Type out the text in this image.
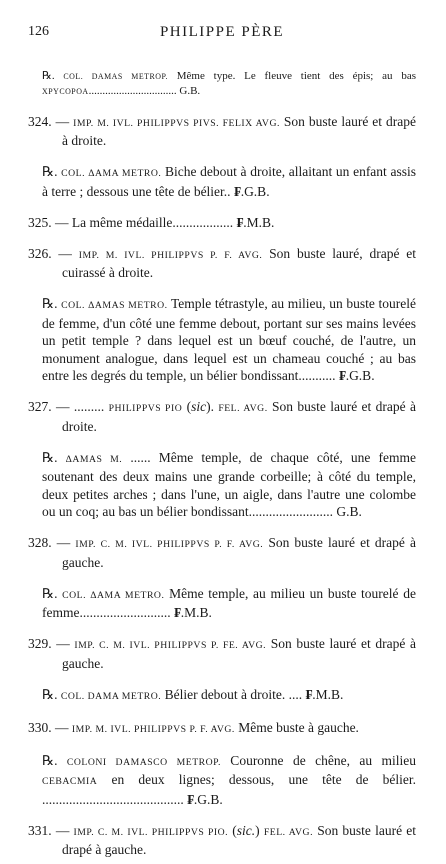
126	PHILIPPE PÈRE

℞. COL. DAMAS METROP. Même type. Le fleuve tient des épis; au bas XPYCOPOA................................ G.B.

324. — IMP. M. IVL. PHILIPPVS PIVS. FELIX AVG. Son buste lauré et drapé à droite.

℞. COL. ΔAMA METRO. Biche debout à droite, allaitant un enfant assis à terre ; dessous une tête de bélier.. ₣.G.B.

325. — La même médaille.................. ₣.M.B.

326. — IMP. M. IVL. PHILIPPVS P. F. AVG. Son buste lauré, drapé et cuirassé à droite.

℞. COL. ΔAMAS METRO. Temple tétrastyle, au milieu, un buste tourelé de femme, d'un côté une femme debout, portant sur ses mains levées un petit temple ? dans lequel est un bœuf couché, de l'autre, un monument analogue, dans lequel est un chameau couché ; au bas entre les degrés du temple, un bélier bondissant........... ₣.G.B.

327. — ......... PHILIPPVS PIO (sic). FEL. AVG. Son buste lauré et drapé à droite.

℞. ΔAMAS M. ...... Même temple, de chaque côté, une femme soutenant des deux mains une grande corbeille; à côté du temple, deux petites arches ; dans l'une, un aigle, dans l'autre une colombe ou un coq; au bas un bélier bondissant......................... G.B.

328. — IMP. C. M. IVL. PHILIPPVS P. F. AVG. Son buste lauré et drapé à gauche.

℞. COL. ΔAMA METRO. Même temple, au milieu un buste tourelé de femme........................... ₣.M.B.

329. — IMP. C. M. IVL. PHILIPPVS P. FE. AVG. Son buste lauré et drapé à gauche.

℞. COL. DAMA METRO. Bélier debout à droite. .... ₣.M.B.

330. — IMP. M. IVL. PHILIPPVS P. F. AVG. Même buste à gauche.

℞. COLONI DAMASCO METROP. Couronne de chêne, au milieu CEBACMIA en deux lignes; dessous, une tête de bélier. .......................................... ₣.G.B.

331. — IMP. C. M. IVL. PHILIPPVS PIO. (sic.) FEL. AVG. Son buste lauré et drapé à gauche.
